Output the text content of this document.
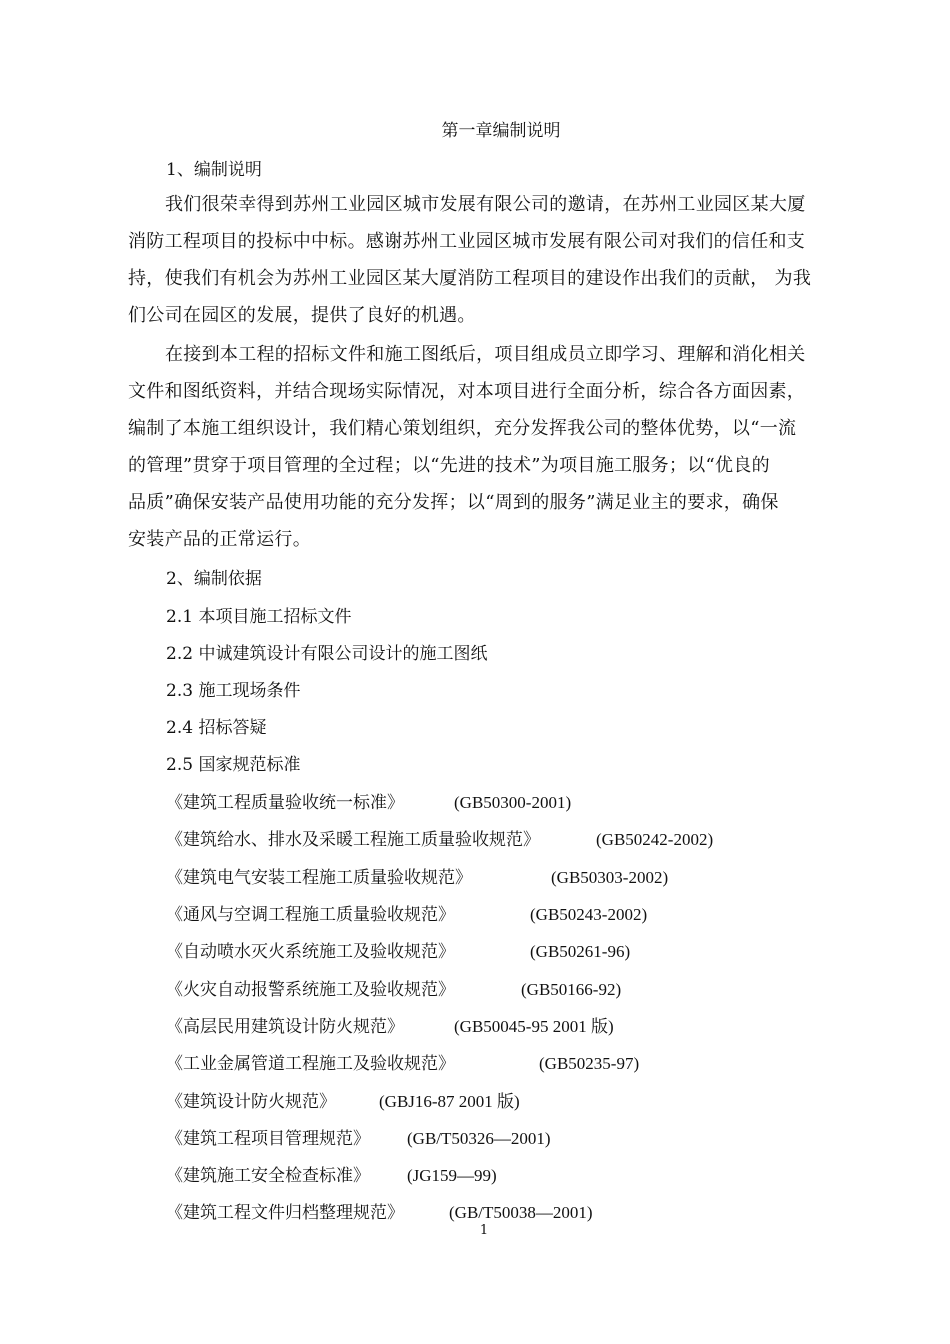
第一章编制说明
1、编制说明
我们很荣幸得到苏州工业园区城市发展有限公司的邀请，在苏州工业园区某大厦
消防工程项目的投标中中标。感谢苏州工业园区城市发展有限公司对我们的信任和支
持，使我们有机会为苏州工业园区某大厦消防工程项目的建设作出我们的贡献， 为我
们公司在园区的发展，提供了良好的机遇。
在接到本工程的招标文件和施工图纸后，项目组成员立即学习、理解和消化相关
文件和图纸资料，并结合现场实际情况，对本项目进行全面分析，综合各方面因素，
编制了本施工组织设计，我们精心策划组织，充分发挥我公司的整体优势，以“一流
的管理”贯穿于项目管理的全过程；以“先进的技术”为项目施工服务；以“优良的
品质”确保安装产品使用功能的充分发挥；以“周到的服务”满足业主的要求，确保
安装产品的正常运行。
2、编制依据
2.1 本项目施工招标文件
2.2 中诚建筑设计有限公司设计的施工图纸
2.3 施工现场条件
2.4 招标答疑
2.5 国家规范标准
《建筑工程质量验收统一标准》	(GB50300-2001)
《建筑给水、排水及采暖工程施工质量验收规范》	(GB50242-2002)
《建筑电气安装工程施工质量验收规范》	(GB50303-2002)
《通风与空调工程施工质量验收规范》	(GB50243-2002)
《自动喷水灭火系统施工及验收规范》	(GB50261-96)
《火灾自动报警系统施工及验收规范》	(GB50166-92)
《高层民用建筑设计防火规范》	(GB50045-95 2001 版)
《工业金属管道工程施工及验收规范》	(GB50235-97)
《建筑设计防火规范》	(GBJ16-87 2001 版)
《建筑工程项目管理规范》 (GB/T50326—2001)
《建筑施工安全检查标准》 (JG159—99)
《建筑工程文件归档整理规范》	(GB/T50038—2001)
1
